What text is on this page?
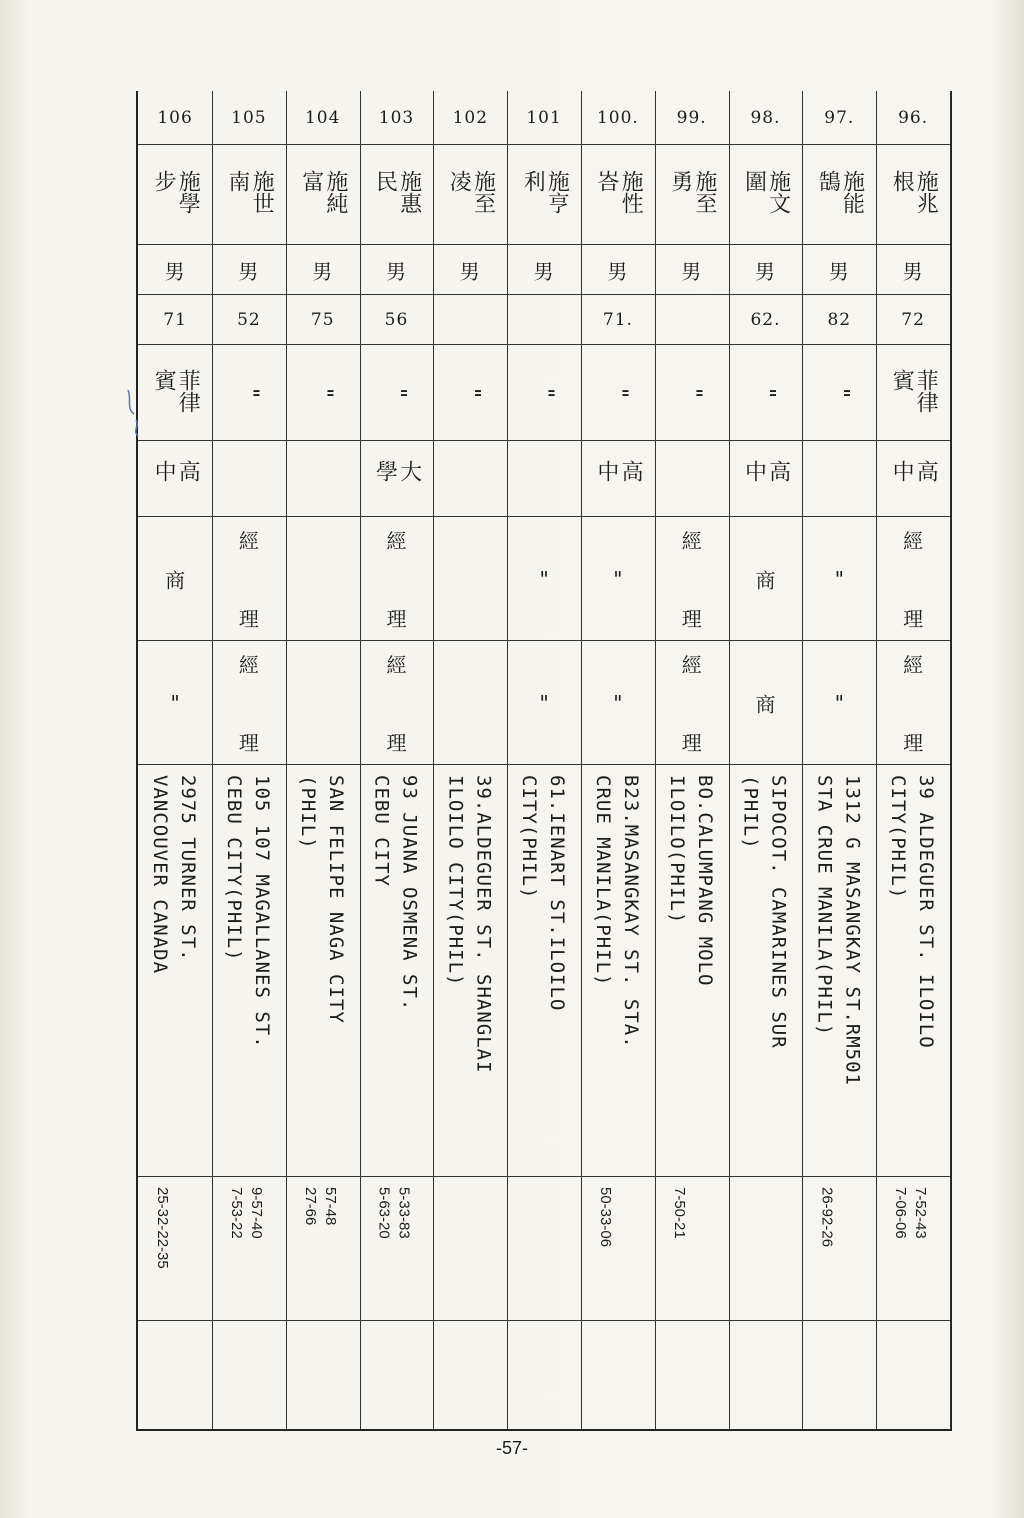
96.
施兆根
男
72
菲律賓
高中
經
理
經
理
39 ALDEGUER ST. ILOILO
CITY(PHIL)
7-52-43
7-06-06
97.
施能鵠
男
82
"
"
"
1312 G MASANGKAY ST.RM501
STA CRUE MANILA(PHIL)
26-92-26
98.
施文圍
男
62.
"
高中
商
商
SIPOCOT. CAMARINES SUR
(PHIL)
99.
施至勇
男
"
經
理
經
理
BO.CALUMPANG MOLO
ILOILO(PHIL)
7-50-21
100.
施性峇
男
71.
"
高中
"
"
B23.MASANGKAY ST. STA.
CRUE MANILA(PHIL)
50-33-06
101
施亨利
男
"
"
"
61.IENART ST.ILOILO
CITY(PHIL)
102
施至凌
男
"
39.ALDEGUER ST. SHANGLAI
ILOILO CITY(PHIL)
103
施惠民
男
56
"
大學
經
理
經
理
93 JUANA OSMENA ST.
CEBU CITY
5-33-83
5-63-20
104
施純富
男
75
"
SAN FELIPE NAGA CITY
(PHIL)
57-48
27-66
105
施世南
男
52
"
經
理
經
理
105 107 MAGALLANES ST.
CEBU CITY(PHIL)
9-57-40
7-53-22
106
施學步
男
71
菲律賓
高中
商
"
2975 TURNER ST.
VANCOUVER CANADA
25-32-22-35
-57-
